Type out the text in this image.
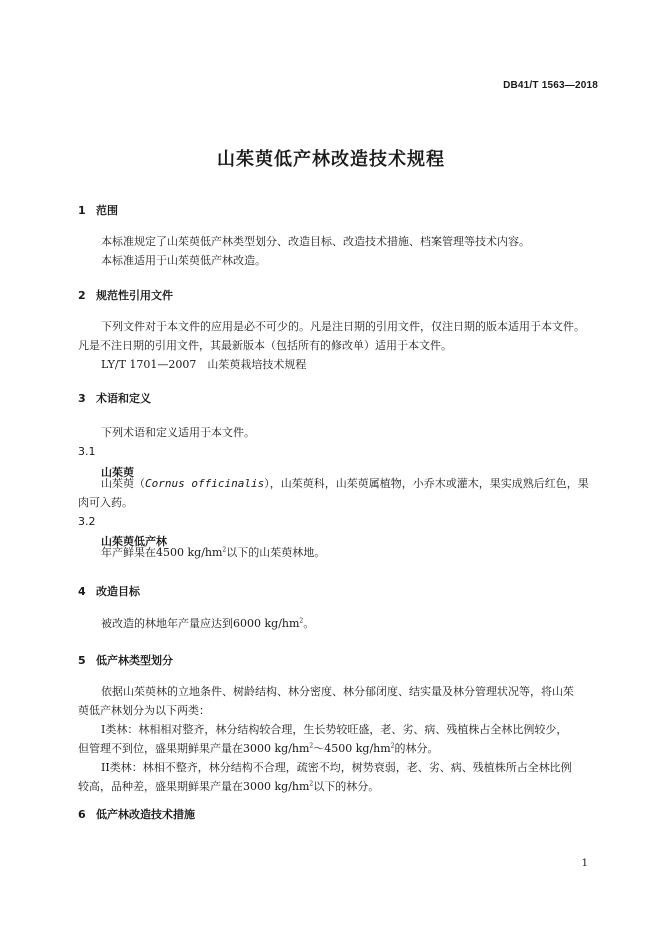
DB41/T 1563—2018
山茱萸低产林改造技术规程
1 范围
本标准规定了山茱萸低产林类型划分、改造目标、改造技术措施、档案管理等技术内容。
本标准适用于山茱萸低产林改造。
2 规范性引用文件
下列文件对于本文件的应用是必不可少的。凡是注日期的引用文件，仅注日期的版本适用于本文件。
凡是不注日期的引用文件，其最新版本（包括所有的修改单）适用于本文件。
LY/T 1701—2007　山茱萸栽培技术规程
3 术语和定义
下列术语和定义适用于本文件。
3.1
山茱萸
山茱萸（Cornus officinalis），山茱萸科，山茱萸属植物，小乔木或灌木，果实成熟后红色，果
肉可入药。
3.2
山茱萸低产林
年产鲜果在4500 $kg/hm^2$以下的山茱萸林地。
4 改造目标
被改造的林地年产量应达到6000 $kg/hm^2$。
5 低产林类型划分
依据山茱萸林的立地条件、树龄结构、林分密度、林分郁闭度、结实量及林分管理状况等，将山茱
萸低产林划分为以下两类：
I类林：林相相对整齐，林分结构较合理，生长势较旺盛，老、劣、病、残植株占全林比例较少，
但管理不到位，盛果期鲜果产量在3000 $kg/hm^2\sim 4500$ $kg/hm^2$的林分。
II类林：林相不整齐，林分结构不合理，疏密不均，树势衰弱，老、劣、病、残植株所占全林比例
较高，品种差，盛果期鲜果产量在3000 $kg/hm^2$以下的林分。
6 低产林改造技术措施
1
